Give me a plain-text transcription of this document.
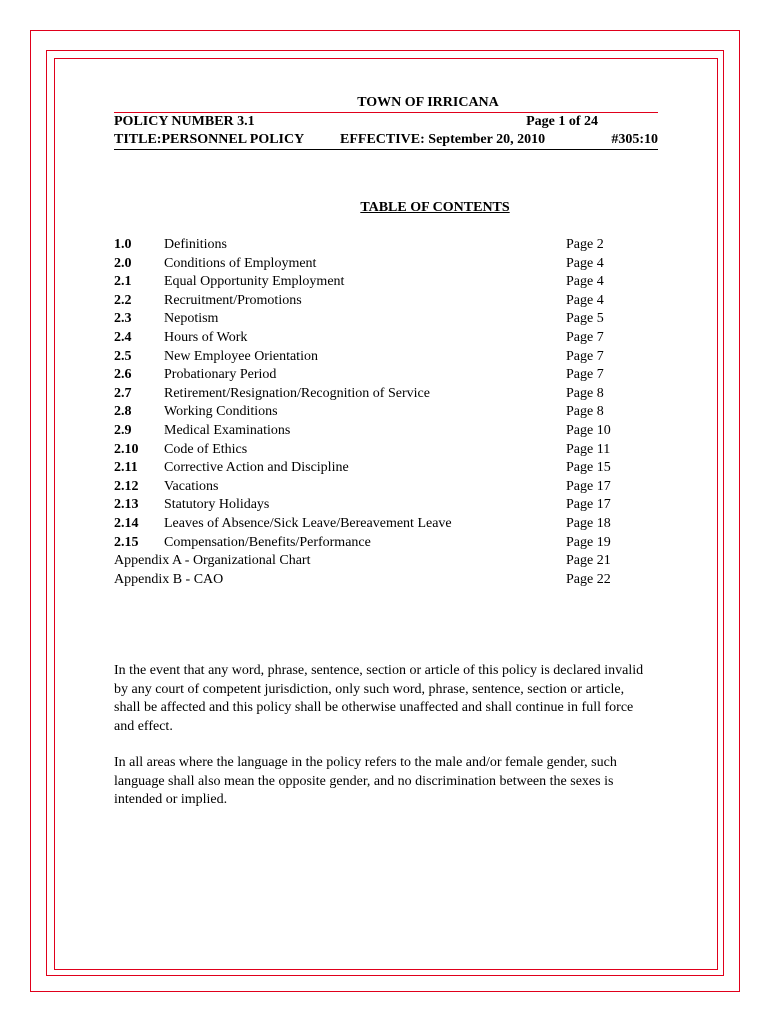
TOWN OF IRRICANA
POLICY NUMBER 3.1	Page 1 of 24
TITLE:PERSONNEL POLICY	EFFECTIVE: September 20, 2010	#305:10
TABLE OF CONTENTS
1.0	Definitions	Page 2
2.0	Conditions of Employment	Page 4
2.1	Equal Opportunity Employment	Page 4
2.2	Recruitment/Promotions	Page 4
2.3	Nepotism	Page 5
2.4	Hours of Work	Page 7
2.5	New Employee Orientation	Page 7
2.6	Probationary Period	Page 7
2.7	Retirement/Resignation/Recognition of Service	Page 8
2.8	Working Conditions	Page 8
2.9	Medical Examinations	Page 10
2.10	Code of Ethics	Page 11
2.11	Corrective Action and Discipline	Page 15
2.12	Vacations	Page 17
2.13	Statutory Holidays	Page 17
2.14	Leaves of Absence/Sick Leave/Bereavement Leave	Page 18
2.15	Compensation/Benefits/Performance	Page 19
Appendix A - Organizational Chart	Page 21
Appendix B - CAO	Page 22

In the event that any word, phrase, sentence, section or article of this policy is declared invalid by any court of competent jurisdiction, only such word, phrase, sentence, section or article, shall be affected and this policy shall be otherwise unaffected and shall continue in full force and effect.

In all areas where the language in the policy refers to the male and/or female gender, such language shall also mean the opposite gender, and no discrimination between the sexes is intended or implied.
